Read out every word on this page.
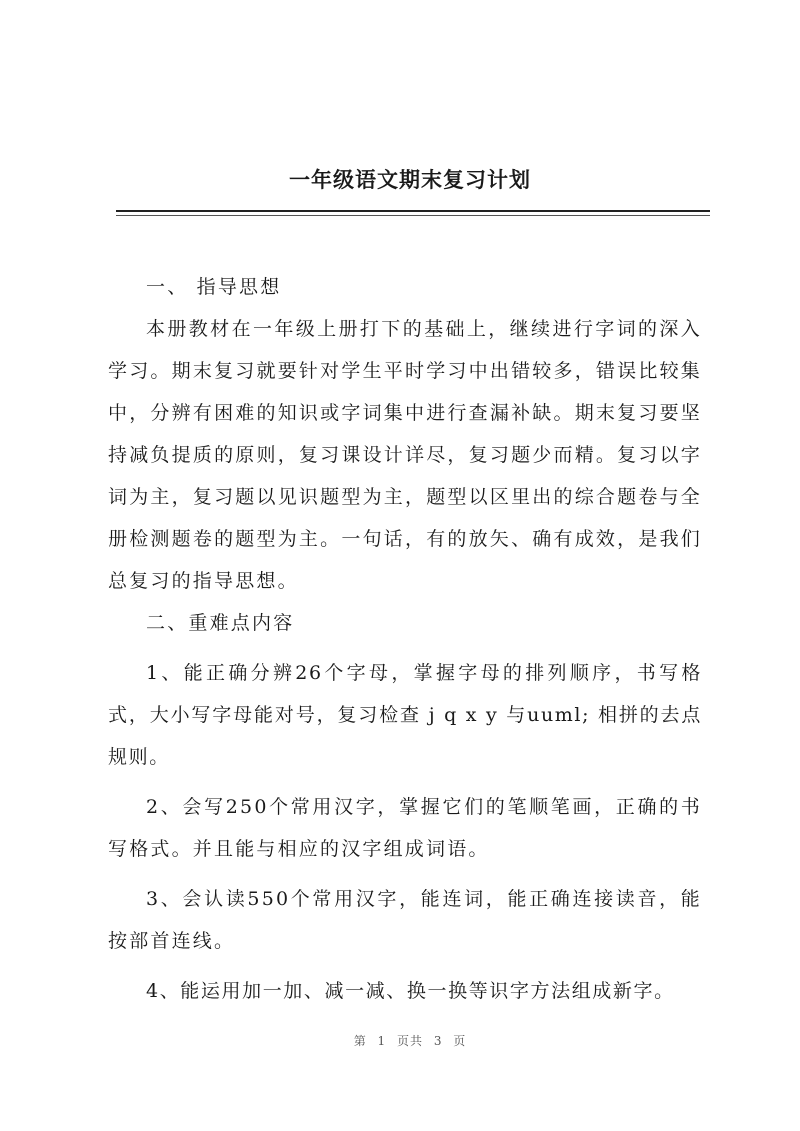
一年级语文期末复习计划

一、 指导思想

本册教材在一年级上册打下的基础上，继续进行字词的深入学习。期末复习就要针对学生平时学习中出错较多，错误比较集中，分辨有困难的知识或字词集中进行查漏补缺。期末复习要坚持减负提质的原则，复习课设计详尽，复习题少而精。复习以字词为主，复习题以见识题型为主，题型以区里出的综合题卷与全册检测题卷的题型为主。一句话，有的放矢、确有成效，是我们总复习的指导思想。

二、重难点内容

1、能正确分辨26个字母，掌握字母的排列顺序，书写格式，大小写字母能对号，复习检查 j q x y 与uuml; 相拼的去点规则。

2、会写250个常用汉字，掌握它们的笔顺笔画，正确的书写格式。并且能与相应的汉字组成词语。

3、会认读550个常用汉字，能连词，能正确连接读音，能按部首连线。

4、能运用加一加、减一减、换一换等识字方法组成新字。

第 1 页共 3 页
